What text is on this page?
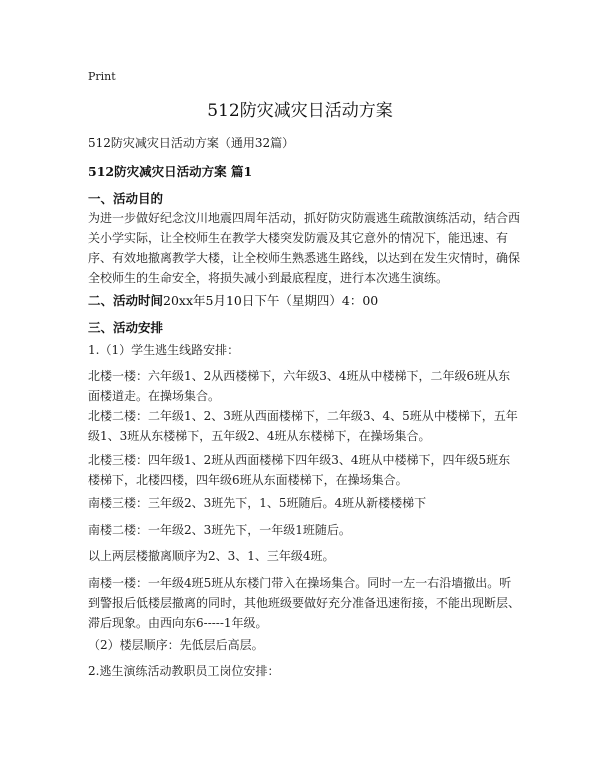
Print
512防灾减灾日活动方案
512防灾减灾日活动方案（通用32篇）
512防灾减灾日活动方案 篇1
一、活动目的
为进一步做好纪念汶川地震四周年活动，抓好防灾防震逃生疏散演练活动，结合西关小学实际，让全校师生在教学大楼突发防震及其它意外的情况下，能迅速、有序、有效地撤离教学大楼，让全校师生熟悉逃生路线，以达到在发生灾情时，确保全校师生的生命安全，将损失减小到最底程度，进行本次逃生演练。
二、活动时间20xx年5月10日下午（星期四）4：00
三、活动安排
1.（1）学生逃生线路安排：
北楼一楼：六年级1、2从西楼梯下，六年级3、4班从中楼梯下，二年级6班从东面楼道走。在操场集合。
北楼二楼：二年级1、2、3班从西面楼梯下，二年级3、4、5班从中楼梯下，五年级1、3班从东楼梯下，五年级2、4班从东楼梯下，在操场集合。
北楼三楼：四年级1、2班从西面楼梯下四年级3、4班从中楼梯下，四年级5班东楼梯下，北楼四楼，四年级6班从东面楼梯下，在操场集合。
南楼三楼：三年级2、3班先下，1、5班随后。4班从新楼楼梯下
南楼二楼：一年级2、3班先下，一年级1班随后。
以上两层楼撤离顺序为2、3、1、三年级4班。
南楼一楼：一年级4班5班从东楼门带入在操场集合。同时一左一右沿墙撤出。听到警报后低楼层撤离的同时，其他班级要做好充分准备迅速衔接，不能出现断层、滞后现象。由西向东6-----1年级。
（2）楼层顺序：先低层后高层。
2.逃生演练活动教职员工岗位安排：
